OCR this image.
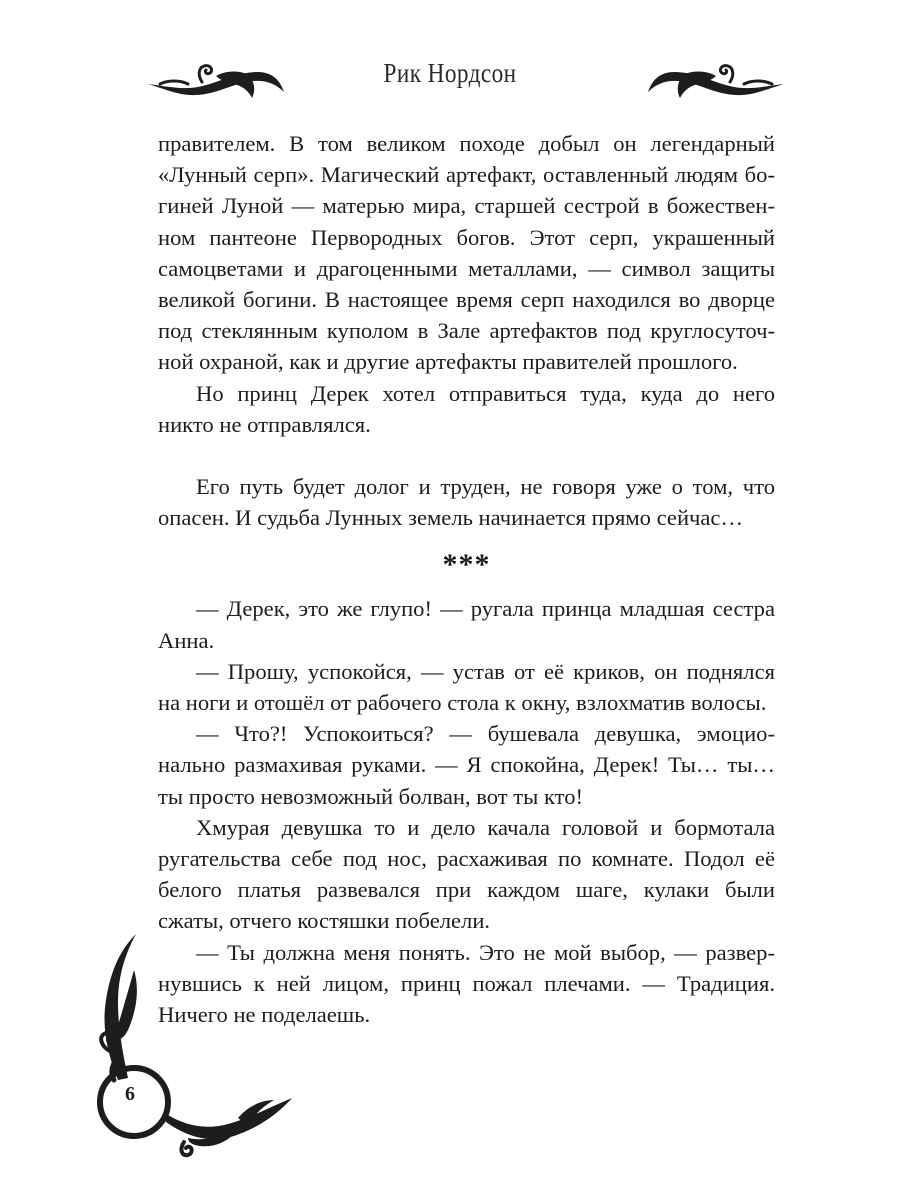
Рик Нордсон
правителем. В том великом походе добыл он легендарный
«Лунный серп». Магический артефакт, оставленный людям бо-
гиней Луной — матерью мира, старшей сестрой в божествен-
ном пантеоне Первородных богов. Этот серп, украшенный
самоцветами и драгоценными металлами, — символ защиты
великой богини. В настоящее время серп находился во дворце
под стеклянным куполом в Зале артефактов под круглосуточ-
ной охраной, как и другие артефакты правителей прошлого.
Но принц Дерек хотел отправиться туда, куда до него
никто не отправлялся.
Его путь будет долог и труден, не говоря уже о том, что
опасен. И судьба Лунных земель начинается прямо сейчас…
***
— Дерек, это же глупо! — ругала принца младшая сестра
Анна.
— Прошу, успокойся, — устав от её криков, он поднялся
на ноги и отошёл от рабочего стола к окну, взлохматив волосы.
— Что?! Успокоиться? — бушевала девушка, эмоцио-
нально размахивая руками. — Я спокойна, Дерек! Ты… ты…
ты просто невозможный болван, вот ты кто!
Хмурая девушка то и дело качала головой и бормотала
ругательства себе под нос, расхаживая по комнате. Подол её
белого платья развевался при каждом шаге, кулаки были
сжаты, отчего костяшки побелели.
— Ты должна меня понять. Это не мой выбор, — развер-
нувшись к ней лицом, принц пожал плечами. — Традиция.
Ничего не поделаешь.
6
